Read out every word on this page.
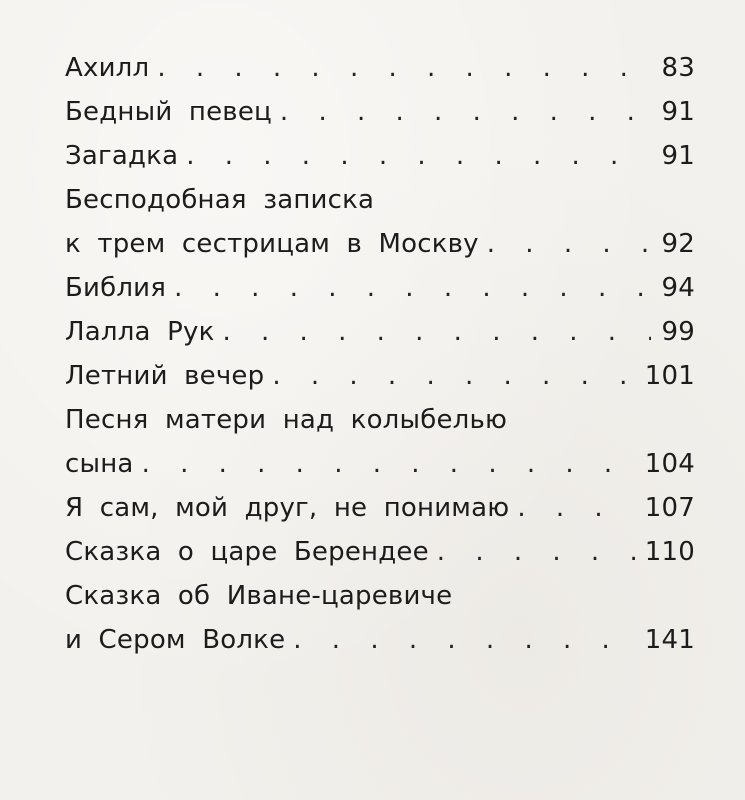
Ахилл . . .	83
Бедный певец . . .	91
Загадка . . .	91
Бесподобная записка
к трем сестрицам в Москву . . .	92
Библия . . .	94
Лалла Рук . . .	99
Летний вечер . . .	101
Песня матери над колыбелью
сына . . .	104
Я сам, мой друг, не понимаю . . .	107
Сказка о царе Берендее . . .	110
Сказка об Иване-царевиче
и Сером Волке . . .	141
